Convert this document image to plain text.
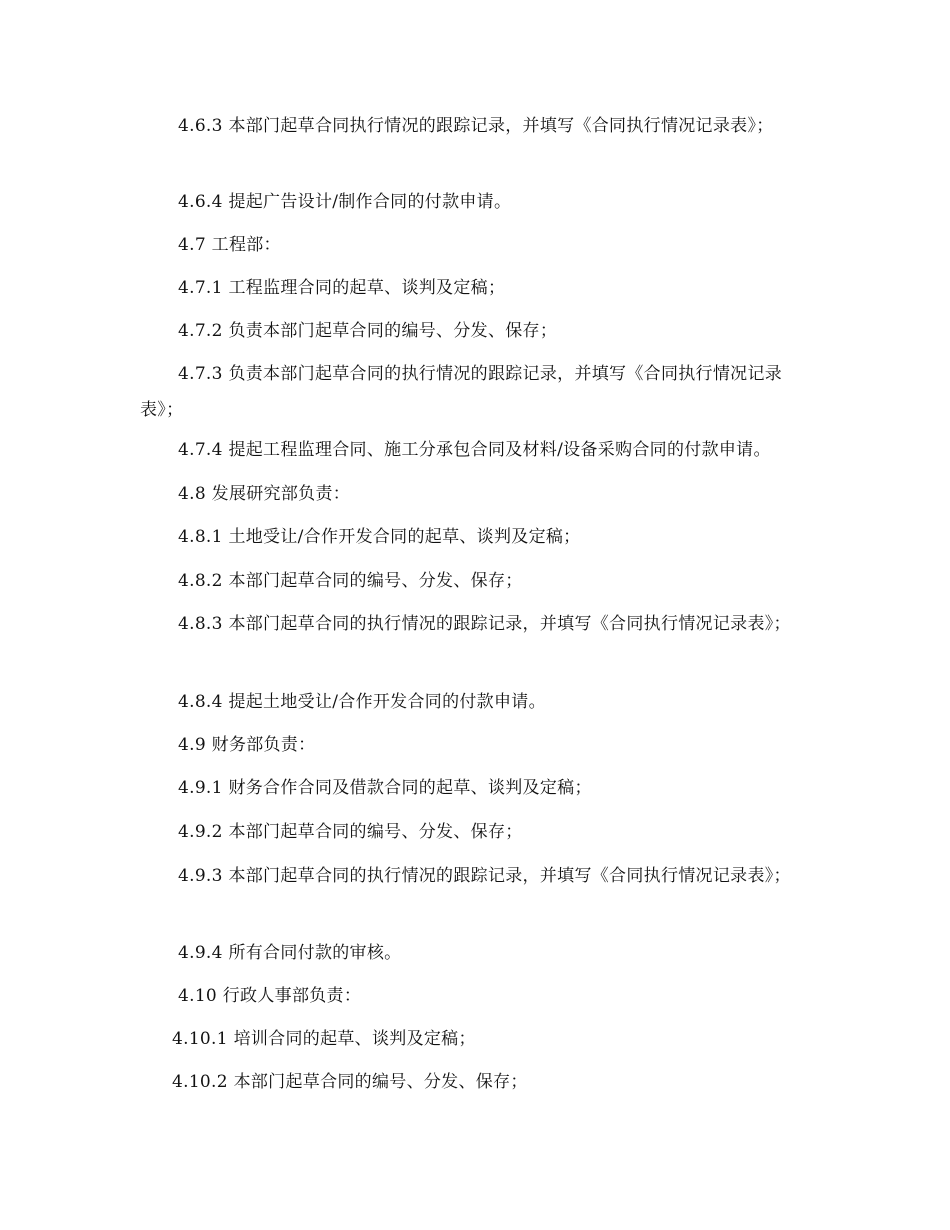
4.6.3 本部门起草合同执行情况的跟踪记录，并填写《合同执行情况记录表》；

4.6.4 提起广告设计/制作合同的付款申请。

4.7 工程部：

4.7.1 工程监理合同的起草、谈判及定稿；

4.7.2 负责本部门起草合同的编号、分发、保存；

4.7.3 负责本部门起草合同的执行情况的跟踪记录，并填写《合同执行情况记录表》；

4.7.4 提起工程监理合同、施工分承包合同及材料/设备采购合同的付款申请。

4.8 发展研究部负责：

4.8.1 土地受让/合作开发合同的起草、谈判及定稿；

4.8.2 本部门起草合同的编号、分发、保存；

4.8.3 本部门起草合同的执行情况的跟踪记录，并填写《合同执行情况记录表》；

4.8.4 提起土地受让/合作开发合同的付款申请。

4.9 财务部负责：

4.9.1 财务合作合同及借款合同的起草、谈判及定稿；

4.9.2 本部门起草合同的编号、分发、保存；

4.9.3 本部门起草合同的执行情况的跟踪记录，并填写《合同执行情况记录表》；

4.9.4 所有合同付款的审核。

4.10 行政人事部负责：

4.10.1 培训合同的起草、谈判及定稿；

4.10.2 本部门起草合同的编号、分发、保存；
